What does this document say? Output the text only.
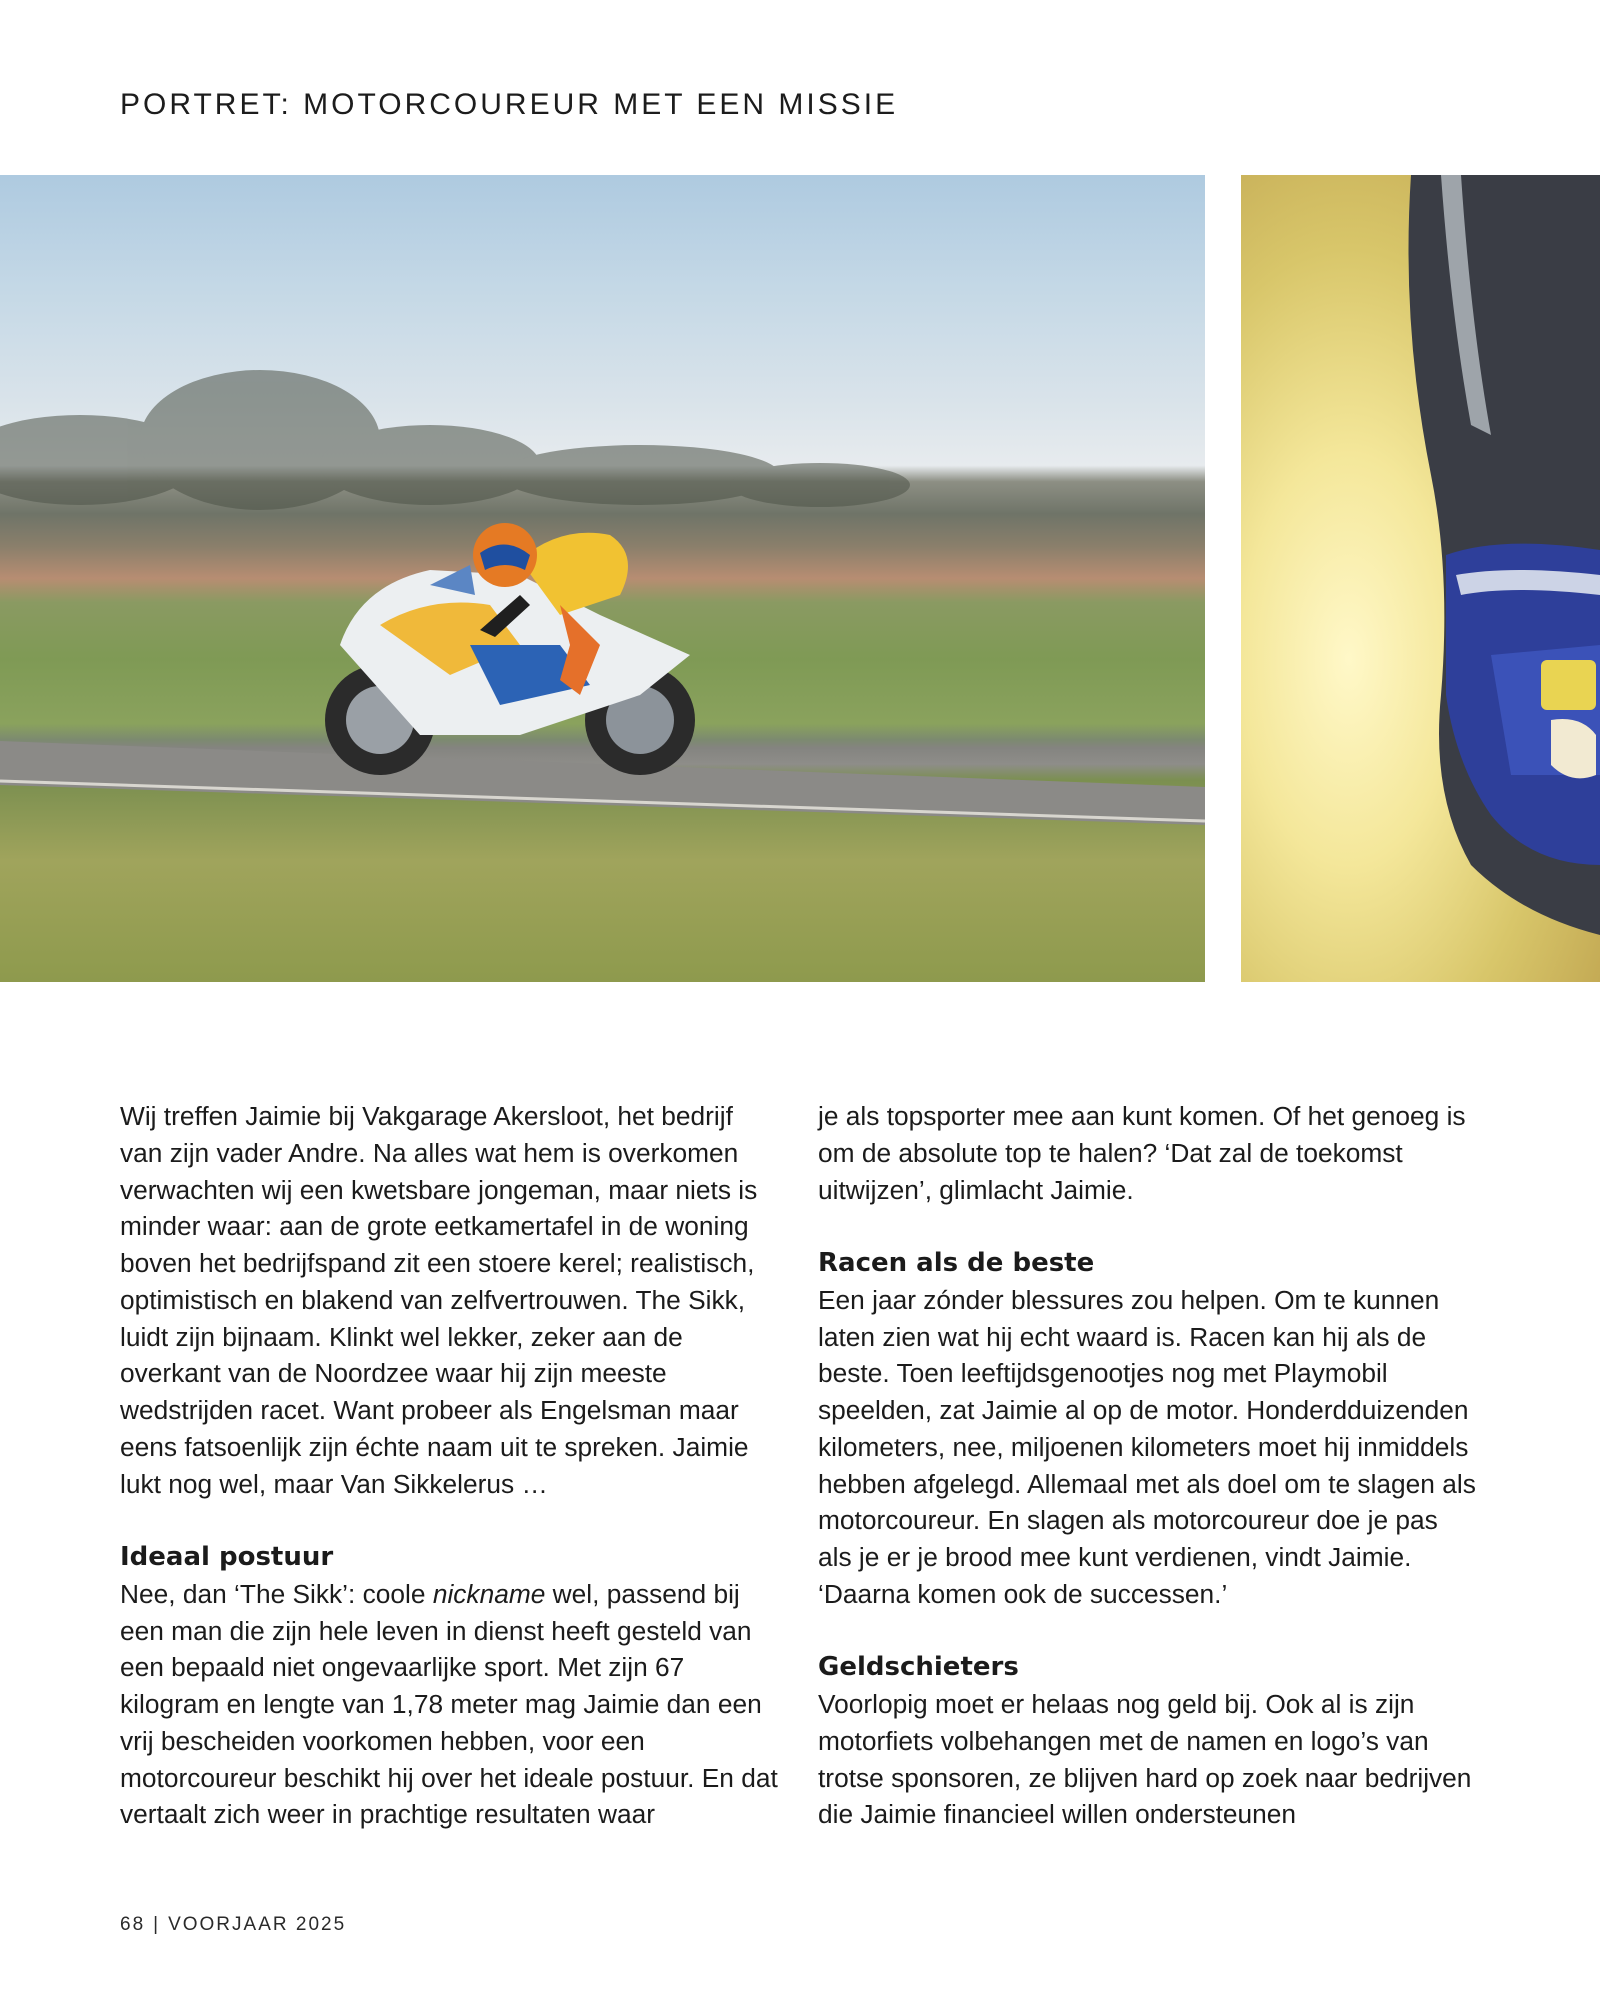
PORTRET: MOTORCOUREUR MET EEN MISSIE

Wij treffen Jaimie bij Vakgarage Akersloot, het bedrijf van zijn vader Andre. Na alles wat hem is overkomen verwachten wij een kwetsbare jongeman, maar niets is minder waar: aan de grote eetkamertafel in de woning boven het bedrijfspand zit een stoere kerel; realistisch, optimistisch en blakend van zelfvertrouwen. The Sikk, luidt zijn bijnaam. Klinkt wel lekker, zeker aan de overkant van de Noordzee waar hij zijn meeste wedstrijden racet. Want probeer als Engelsman maar eens fatsoenlijk zijn échte naam uit te spreken. Jaimie lukt nog wel, maar Van Sikkelerus …

Ideaal postuur

Nee, dan ‘The Sikk’: coole nickname wel, passend bij een man die zijn hele leven in dienst heeft gesteld van een bepaald niet ongevaarlijke sport. Met zijn 67 kilogram en lengte van 1,78 meter mag Jaimie dan een vrij bescheiden voorkomen hebben, voor een motorcoureur beschikt hij over het ideale postuur. En dat vertaalt zich weer in prachtige resultaten waar

je als topsporter mee aan kunt komen. Of het genoeg is om de absolute top te halen? ‘Dat zal de toekomst uitwijzen’, glimlacht Jaimie.

Racen als de beste

Een jaar zónder blessures zou helpen. Om te kunnen laten zien wat hij echt waard is. Racen kan hij als de beste. Toen leeftijdsgenootjes nog met Playmobil speelden, zat Jaimie al op de motor. Honderdduizenden kilometers, nee, miljoenen kilometers moet hij inmiddels hebben afgelegd. Allemaal met als doel om te slagen als motorcoureur. En slagen als motorcoureur doe je pas als je er je brood mee kunt verdienen, vindt Jaimie. ‘Daarna komen ook de successen.’

Geldschieters

Voorlopig moet er helaas nog geld bij. Ook al is zijn motorfiets volbehangen met de namen en logo’s van trotse sponsoren, ze blijven hard op zoek naar bedrijven die Jaimie financieel willen ondersteunen

68 | VOORJAAR 2025
